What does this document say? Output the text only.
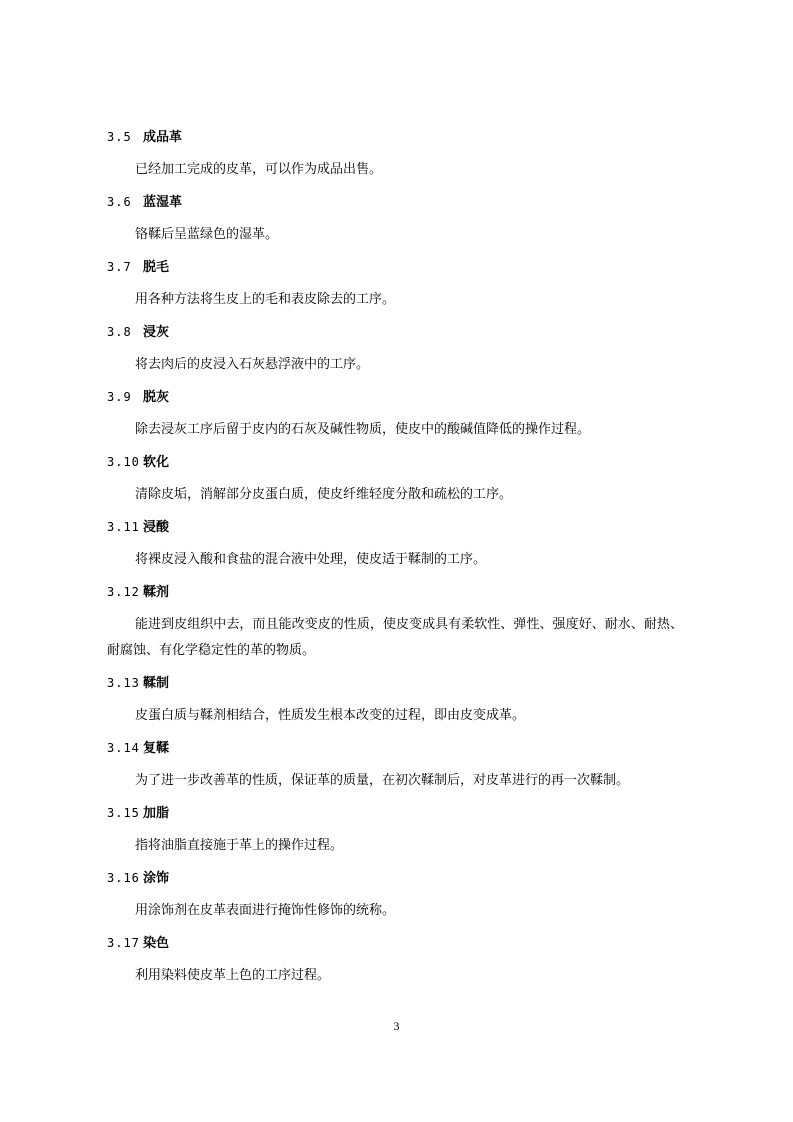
3.5 成品革
已经加工完成的皮革，可以作为成品出售。
3.6 蓝湿革
铬鞣后呈蓝绿色的湿革。
3.7 脱毛
用各种方法将生皮上的毛和表皮除去的工序。
3.8 浸灰
将去肉后的皮浸入石灰悬浮液中的工序。
3.9 脱灰
除去浸灰工序后留于皮内的石灰及碱性物质，使皮中的酸碱值降低的操作过程。
3.10 软化
清除皮垢，消解部分皮蛋白质，使皮纤维轻度分散和疏松的工序。
3.11 浸酸
将裸皮浸入酸和食盐的混合液中处理，使皮适于鞣制的工序。
3.12 鞣剂
能进到皮组织中去，而且能改变皮的性质，使皮变成具有柔软性、弹性、强度好、耐水、耐热、耐腐蚀、有化学稳定性的革的物质。
3.13 鞣制
皮蛋白质与鞣剂相结合，性质发生根本改变的过程，即由皮变成革。
3.14 复鞣
为了进一步改善革的性质，保证革的质量，在初次鞣制后，对皮革进行的再一次鞣制。
3.15 加脂
指将油脂直接施于革上的操作过程。
3.16 涂饰
用涂饰剂在皮革表面进行掩饰性修饰的统称。
3.17 染色
利用染料使皮革上色的工序过程。
3
